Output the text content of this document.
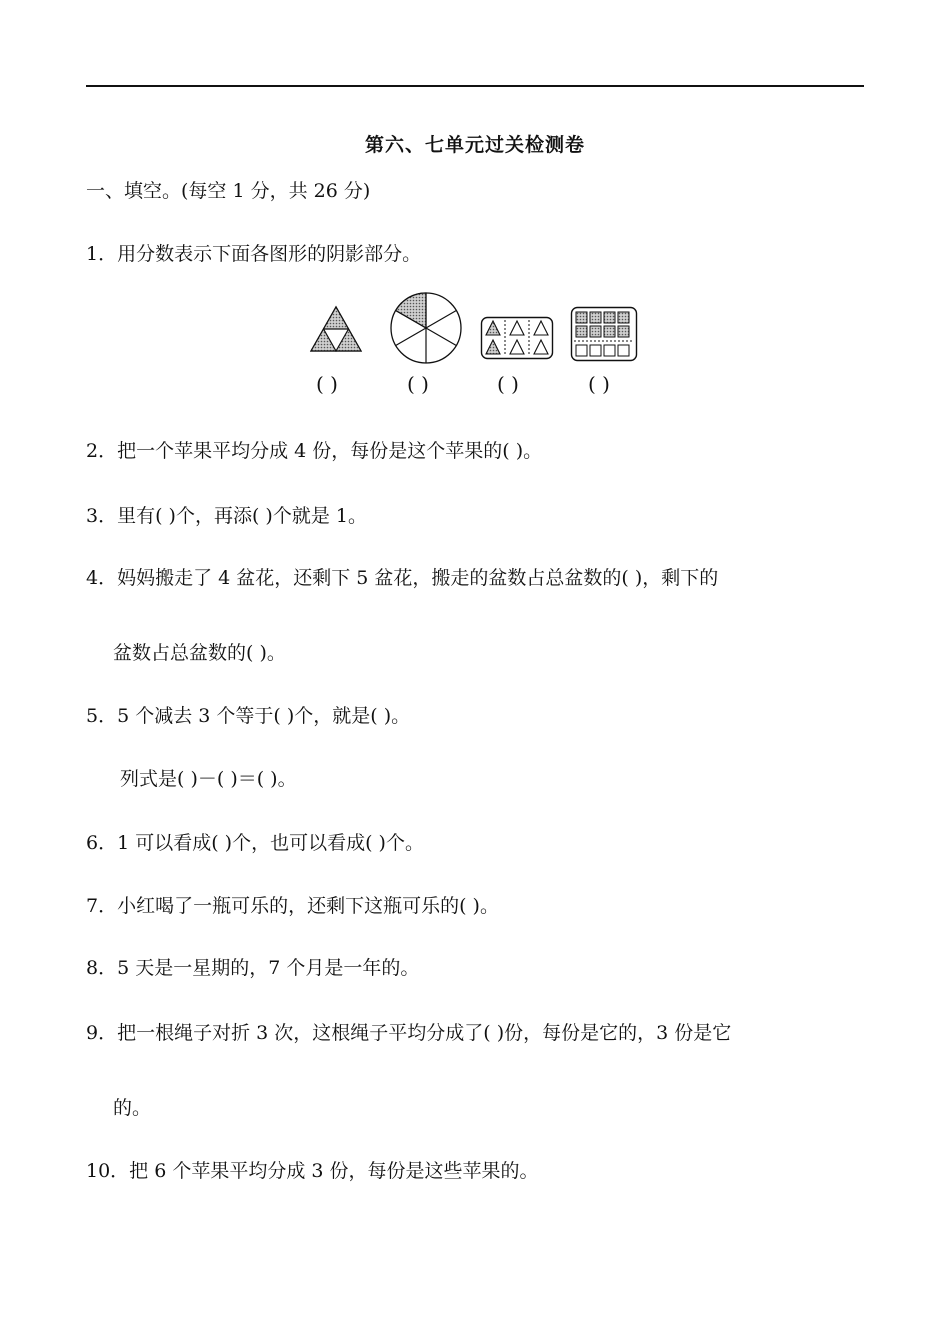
第六、七单元过关检测卷
一、填空。(每空 1 分，共 26 分)
1．用分数表示下面各图形的阴影部分。
( )	( )	( )	( )
2．把一个苹果平均分成 4 份，每份是这个苹果的( )。
3．里有( )个，再添( )个就是 1。
4．妈妈搬走了 4 盆花，还剩下 5 盆花，搬走的盆数占总盆数的( )，剩下的
盆数占总盆数的( )。
5．5 个减去 3 个等于( )个，就是( )。
列式是( )－( )＝( )。
6．1 可以看成( )个，也可以看成( )个。
7．小红喝了一瓶可乐的，还剩下这瓶可乐的( )。
8．5 天是一星期的，7 个月是一年的。
9．把一根绳子对折 3 次，这根绳子平均分成了( )份，每份是它的，3 份是它
的。
10．把 6 个苹果平均分成 3 份，每份是这些苹果的。
